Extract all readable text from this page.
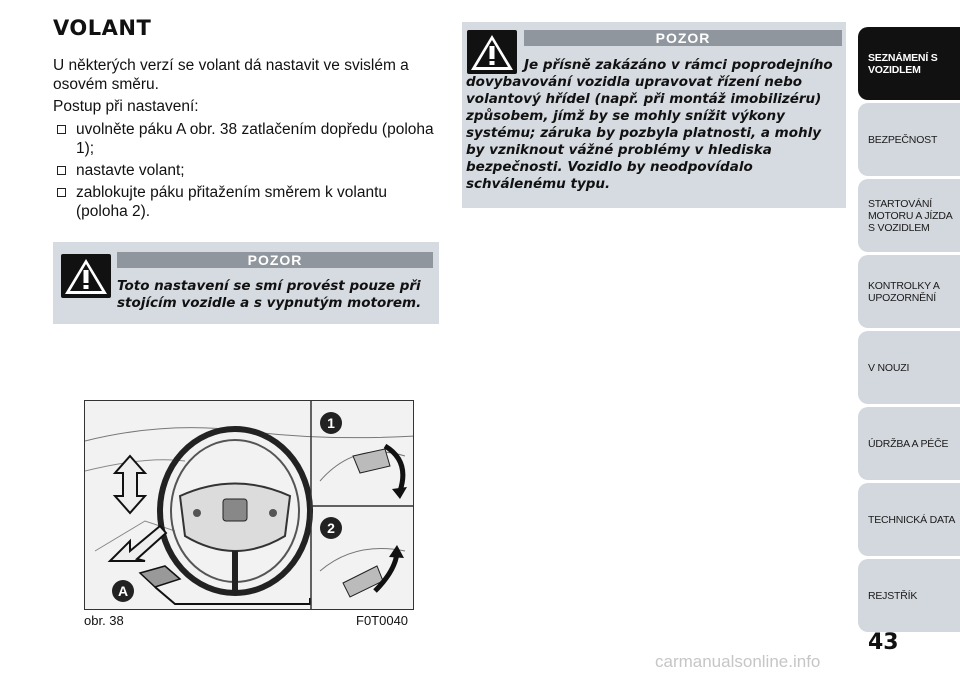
VOLANT

U některých verzí se volant dá nastavit ve svislém a osovém směru.

Postup při nastavení:

uvolněte páku A obr. 38 zatlačením dopředu (poloha 1);
nastavte volant;
zablokujte páku přitažením směrem k volantu (poloha 2).
POZOR
Toto nastavení se smí provést pouze při stojícím vozidle a s vypnutým motorem.
POZOR
Je přísně zakázáno v rámci poprodejního dovybavování vozidla upravovat řízení nebo volantový hřídel (např. při montáž imobilizéru) způsobem, jímž by se mohly snížit výkony systému; záruka by pozbyla platnosti, a mohly by vzniknout vážné problémy v hlediska bezpečnosti. Vozidlo by neodpovídalo schválenému typu.
1
2
A
obr. 38	F0T0040
SEZNÁMENÍ S VOZIDLEM
BEZPEČNOST
STARTOVÁNÍ MOTORU A JÍZDA S VOZIDLEM
KONTROLKY A UPOZORNĚNÍ
V NOUZI
ÚDRŽBA A PÉČE
TECHNICKÁ DATA
REJSTŘÍK
43
carmanualsonline.info
